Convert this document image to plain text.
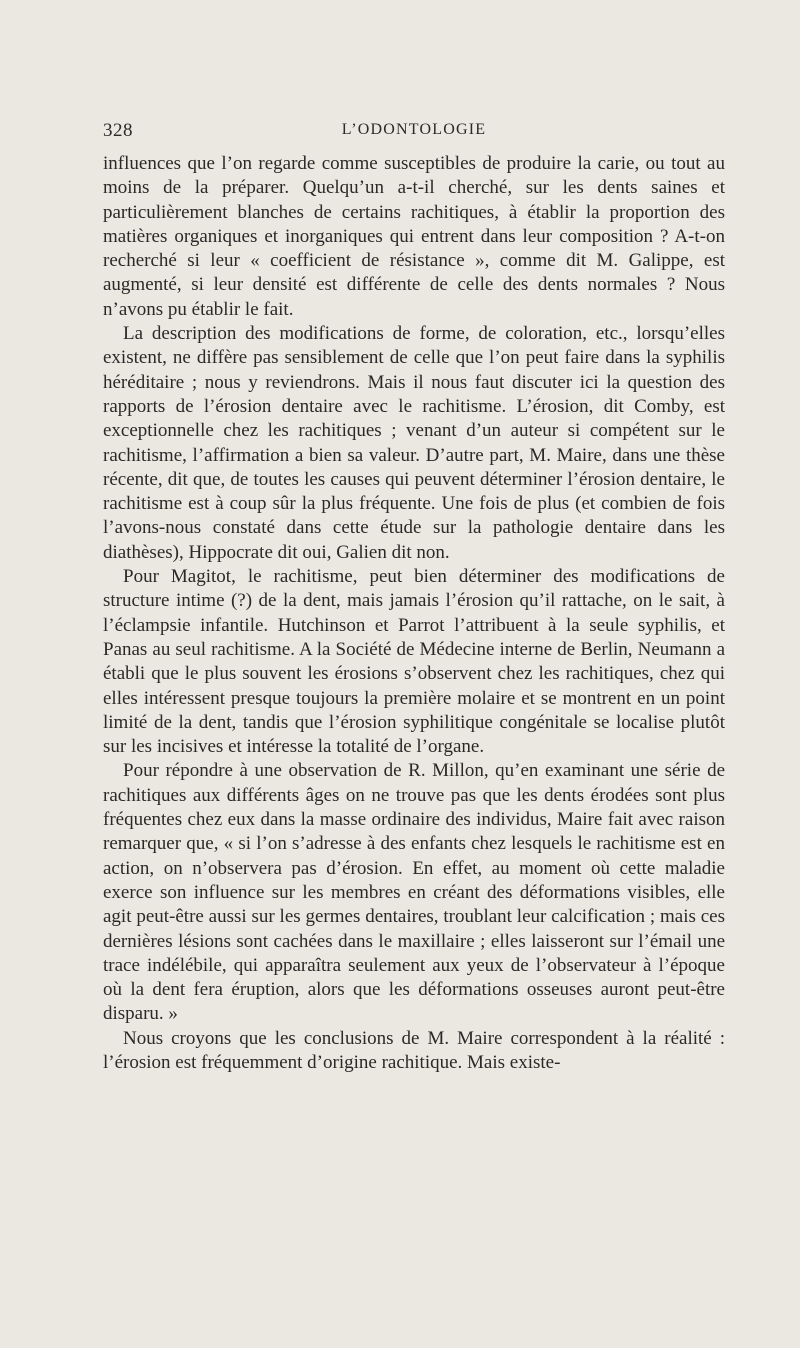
328	L’ODONTOLOGIE

influences que l’on regarde comme susceptibles de produire la carie, ou tout au moins de la préparer. Quelqu’un a-t-il cherché, sur les dents saines et particulièrement blanches de certains rachitiques, à établir la proportion des matières organiques et inorganiques qui entrent dans leur composition ? A-t-on recherché si leur « coefficient de résistance », comme dit M. Galippe, est augmenté, si leur densité est différente de celle des dents normales ? Nous n’avons pu établir le fait.

La description des modifications de forme, de coloration, etc., lorsqu’elles existent, ne diffère pas sensiblement de celle que l’on peut faire dans la syphilis héréditaire ; nous y reviendrons. Mais il nous faut discuter ici la question des rapports de l’érosion dentaire avec le rachitisme. L’érosion, dit Comby, est exceptionnelle chez les rachitiques ; venant d’un auteur si compétent sur le rachitisme, l’affirmation a bien sa valeur. D’autre part, M. Maire, dans une thèse récente, dit que, de toutes les causes qui peuvent déterminer l’érosion dentaire, le rachitisme est à coup sûr la plus fréquente. Une fois de plus (et combien de fois l’avons-nous constaté dans cette étude sur la pathologie dentaire dans les diathèses), Hippocrate dit oui, Galien dit non.

Pour Magitot, le rachitisme, peut bien déterminer des modifications de structure intime (?) de la dent, mais jamais l’érosion qu’il rattache, on le sait, à l’éclampsie infantile. Hutchinson et Parrot l’attribuent à la seule syphilis, et Panas au seul rachitisme. A la Société de Médecine interne de Berlin, Neumann a établi que le plus souvent les érosions s’observent chez les rachitiques, chez qui elles intéressent presque toujours la première molaire et se montrent en un point limité de la dent, tandis que l’érosion syphilitique congénitale se localise plutôt sur les incisives et intéresse la totalité de l’organe.

Pour répondre à une observation de R. Millon, qu’en examinant une série de rachitiques aux différents âges on ne trouve pas que les dents érodées sont plus fréquentes chez eux dans la masse ordinaire des individus, Maire fait avec raison remarquer que, « si l’on s’adresse à des enfants chez lesquels le rachitisme est en action, on n’observera pas d’érosion. En effet, au moment où cette maladie exerce son influence sur les membres en créant des déformations visibles, elle agit peut-être aussi sur les germes dentaires, troublant leur calcification ; mais ces dernières lésions sont cachées dans le maxillaire ; elles laisseront sur l’émail une trace indélébile, qui apparaîtra seulement aux yeux de l’observateur à l’époque où la dent fera éruption, alors que les déformations osseuses auront peut-être disparu. »

Nous croyons que les conclusions de M. Maire correspondent à la réalité : l’érosion est fréquemment d’origine rachitique. Mais existe-
